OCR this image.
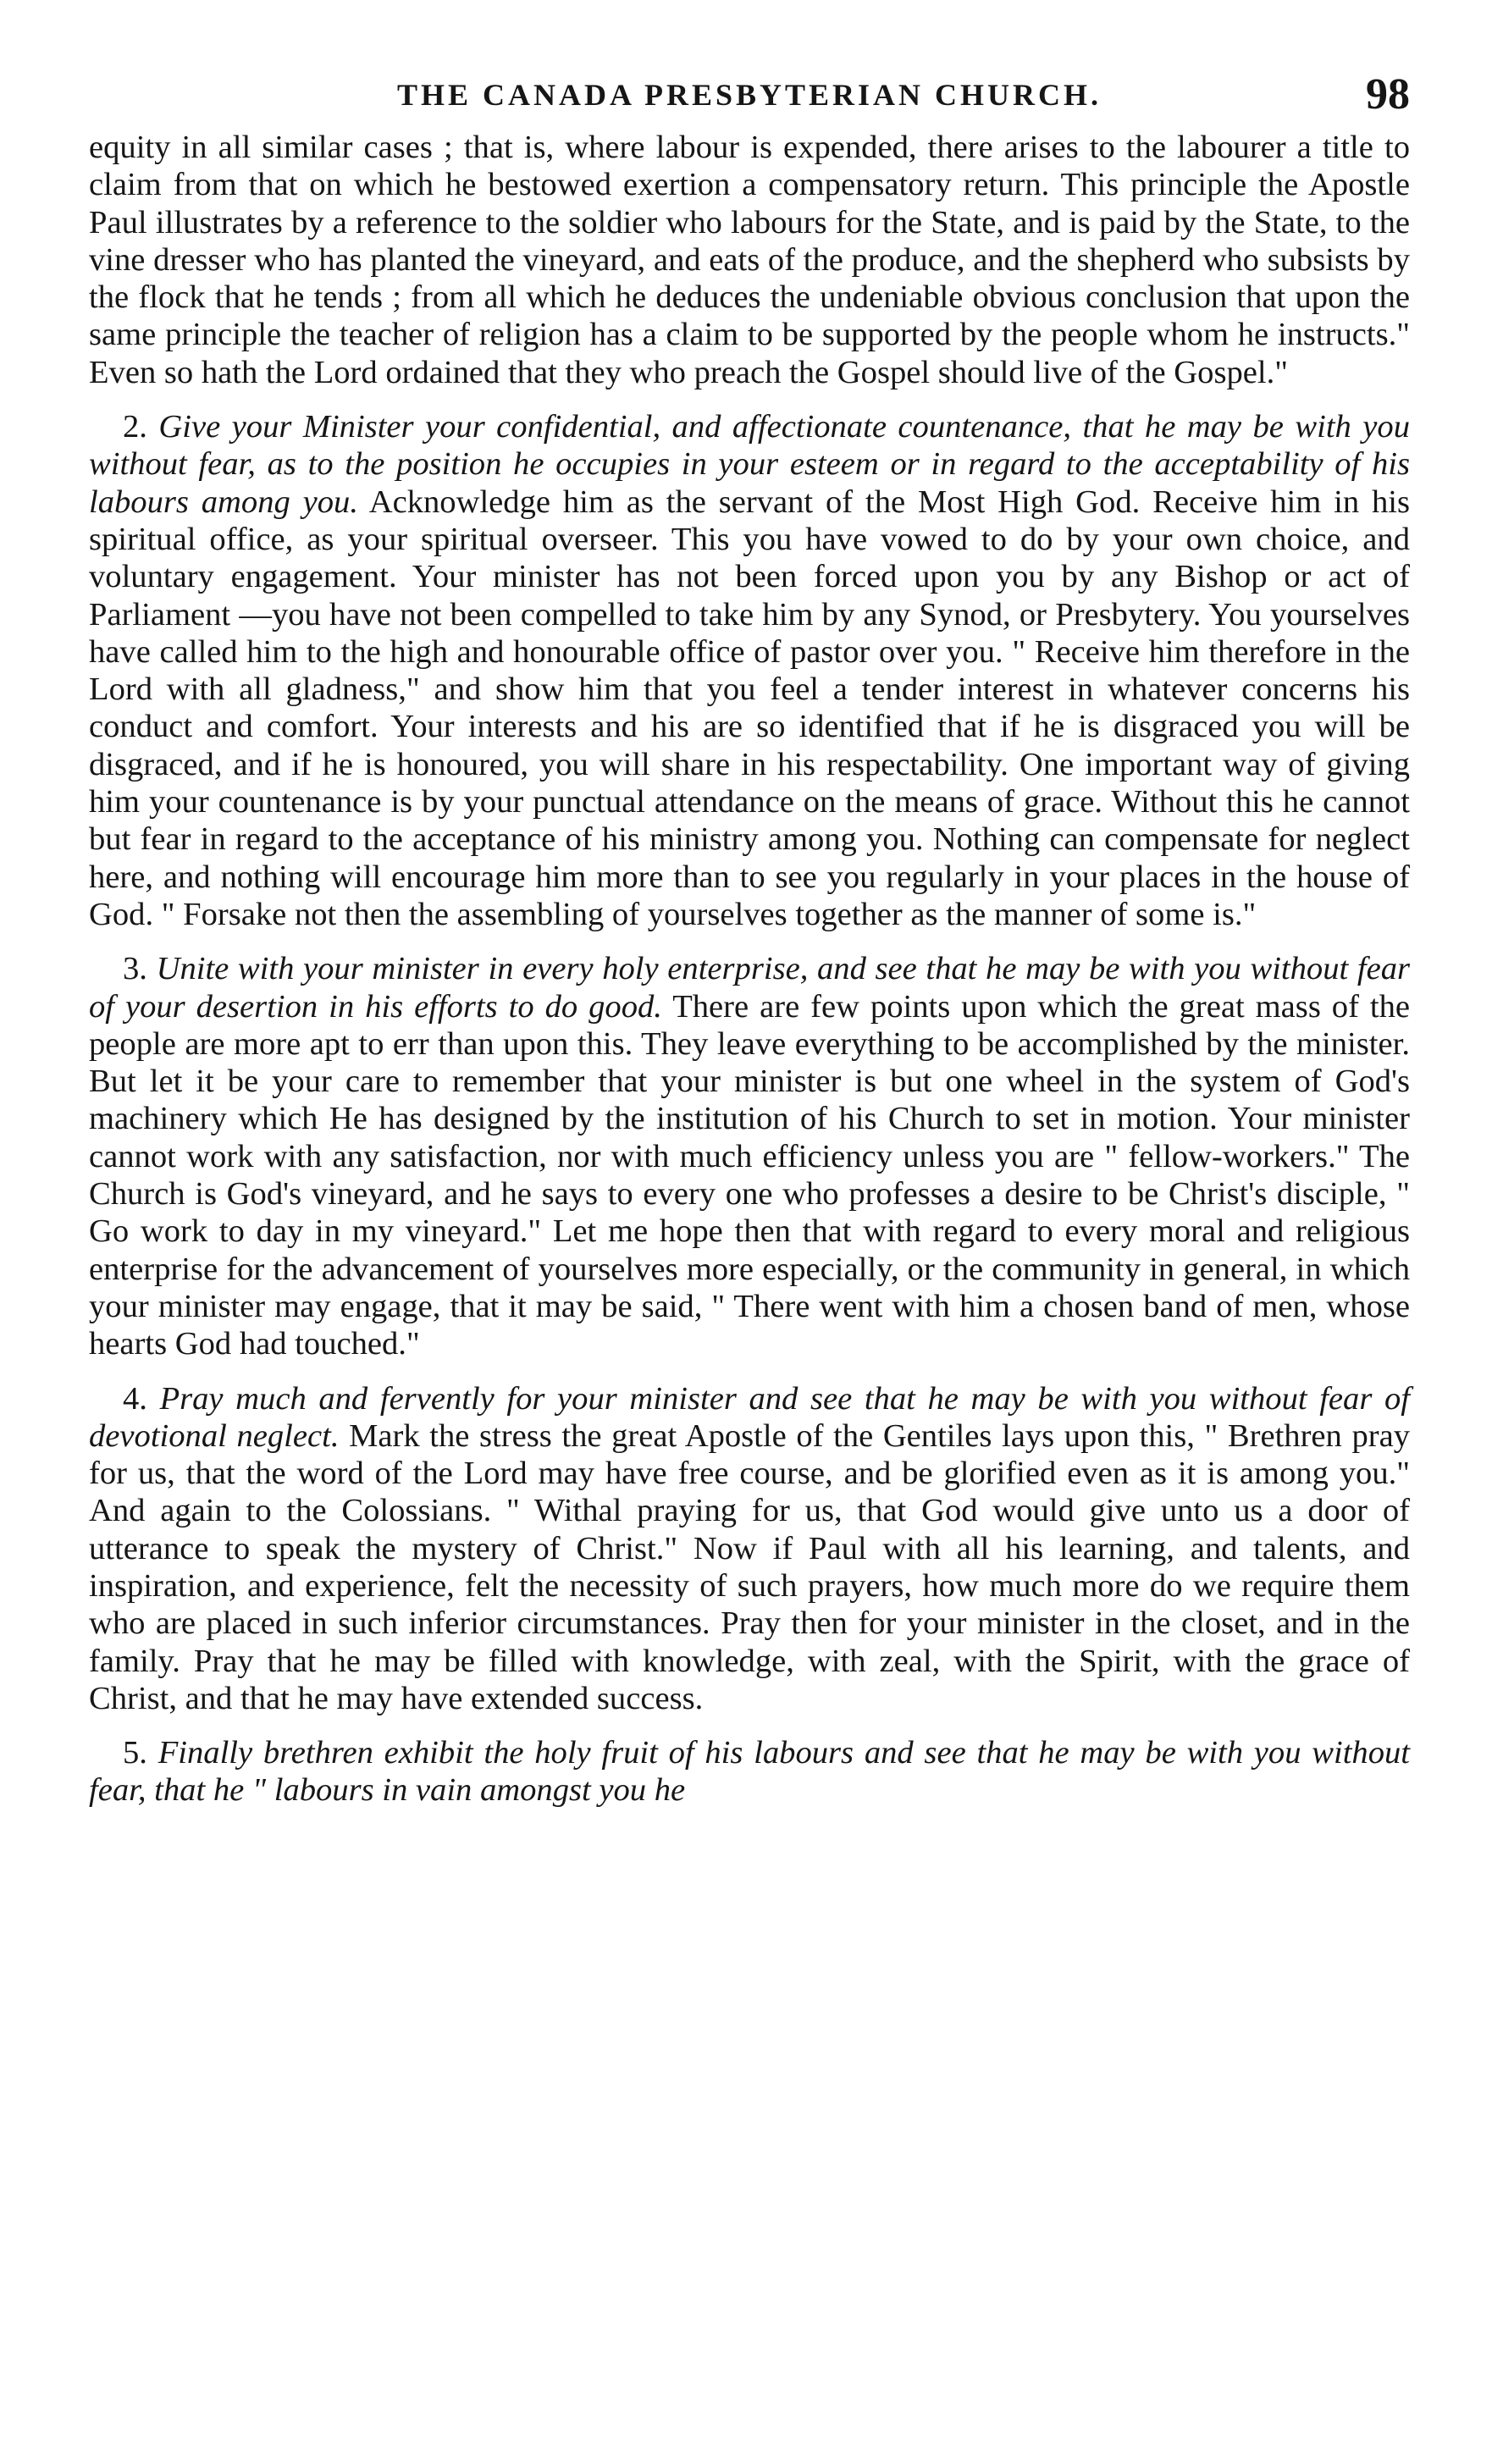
THE CANADA PRESBYTERIAN CHURCH.	98

equity in all similar cases ; that is, where labour is expended, there arises to the labourer a title to claim from that on which he bestowed exertion a compensatory return. This principle the Apostle Paul illustrates by a reference to the soldier who labours for the State, and is paid by the State, to the vine dresser who has planted the vineyard, and eats of the produce, and the shepherd who subsists by the flock that he tends ; from all which he deduces the undeniable obvious conclusion that upon the same principle the teacher of religion has a claim to be supported by the people whom he instructs." Even so hath the Lord ordained that they who preach the Gospel should live of the Gospel."

2. Give your Minister your confidential, and affectionate countenance, that he may be with you without fear, as to the position he occupies in your esteem or in regard to the acceptability of his labours among you. Acknowledge him as the servant of the Most High God. Receive him in his spiritual office, as your spiritual overseer. This you have vowed to do by your own choice, and voluntary engagement. Your minister has not been forced upon you by any Bishop or act of Parliament —you have not been compelled to take him by any Synod, or Presbytery. You yourselves have called him to the high and honourable office of pastor over you. " Receive him therefore in the Lord with all gladness," and show him that you feel a tender interest in whatever concerns his conduct and comfort. Your interests and his are so identified that if he is disgraced you will be disgraced, and if he is honoured, you will share in his respectability. One important way of giving him your countenance is by your punctual attendance on the means of grace. Without this he cannot but fear in regard to the acceptance of his ministry among you. Nothing can compensate for neglect here, and nothing will encourage him more than to see you regularly in your places in the house of God. " Forsake not then the assembling of yourselves together as the manner of some is."

3. Unite with your minister in every holy enterprise, and see that he may be with you without fear of your desertion in his efforts to do good. There are few points upon which the great mass of the people are more apt to err than upon this. They leave everything to be accomplished by the minister. But let it be your care to remember that your minister is but one wheel in the system of God's machinery which He has designed by the institution of his Church to set in motion. Your minister cannot work with any satisfaction, nor with much efficiency unless you are " fellow-workers." The Church is God's vineyard, and he says to every one who professes a desire to be Christ's disciple, " Go work to day in my vineyard." Let me hope then that with regard to every moral and religious enterprise for the advancement of yourselves more especially, or the community in general, in which your minister may engage, that it may be said, " There went with him a chosen band of men, whose hearts God had touched."

4. Pray much and fervently for your minister and see that he may be with you without fear of devotional neglect. Mark the stress the great Apostle of the Gentiles lays upon this, " Brethren pray for us, that the word of the Lord may have free course, and be glorified even as it is among you." And again to the Colossians. " Withal praying for us, that God would give unto us a door of utterance to speak the mystery of Christ." Now if Paul with all his learning, and talents, and inspiration, and experience, felt the necessity of such prayers, how much more do we require them who are placed in such inferior circumstances. Pray then for your minister in the closet, and in the family. Pray that he may be filled with knowledge, with zeal, with the Spirit, with the grace of Christ, and that he may have extended success.

5. Finally brethren exhibit the holy fruit of his labours and see that he may be with you without fear, that he " labours in vain amongst you he
